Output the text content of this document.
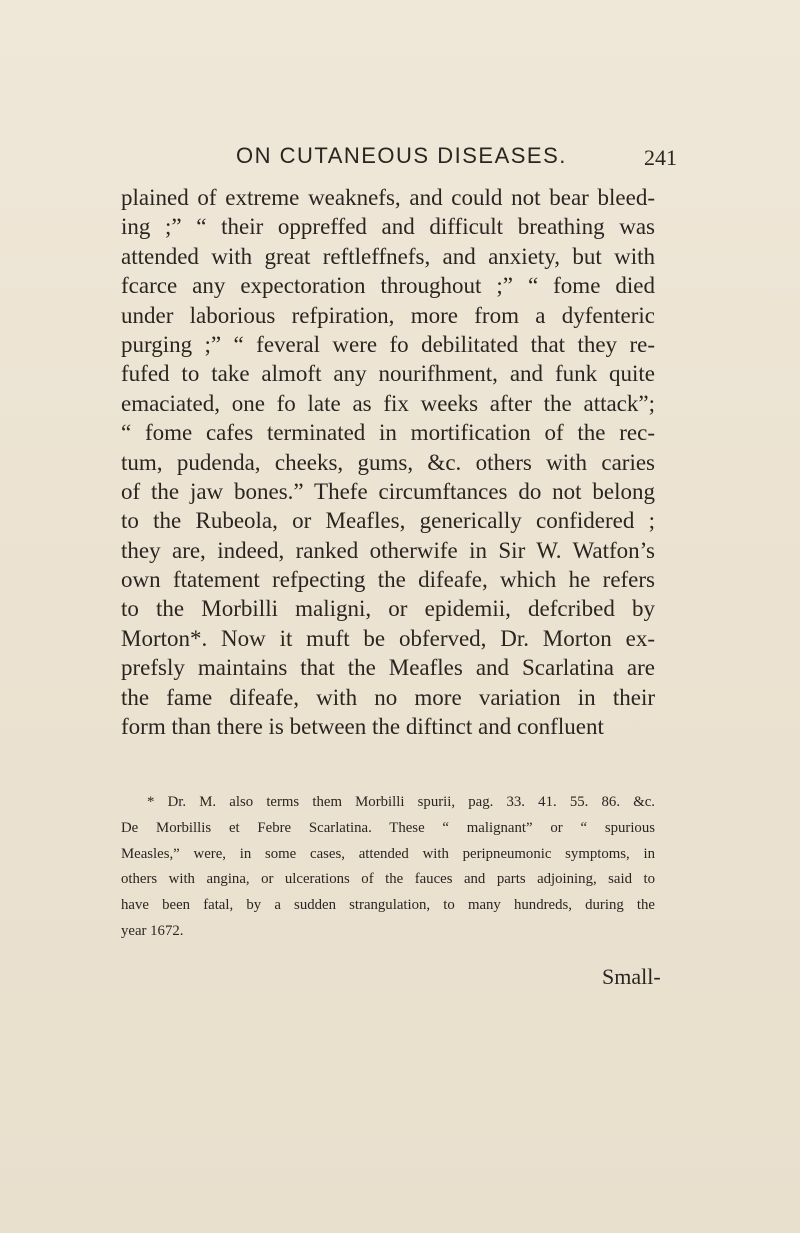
ON CUTANEOUS DISEASES.	241
plained of extreme weaknefs, and could not bear bleed-
ing ;” “ their oppreffed and difficult breathing was
attended with great reftleffnefs, and anxiety, but with
fcarce any expectoration throughout ;” “ fome died
under laborious refpiration, more from a dyfenteric
purging ;” “ feveral were fo debilitated that they re-
fufed to take almoft any nourifhment, and funk quite
emaciated, one fo late as fix weeks after the attack”;
“ fome cafes terminated in mortification of the rec-
tum, pudenda, cheeks, gums, &c. others with caries
of the jaw bones.” Thefe circumftances do not belong
to the Rubeola, or Meafles, generically confidered ;
they are, indeed, ranked otherwife in Sir W. Watfon’s
own ftatement refpecting the difeafe, which he refers
to the Morbilli maligni, or epidemii, defcribed by
Morton*. Now it muft be obferved, Dr. Morton ex-
prefsly maintains that the Meafles and Scarlatina are
the fame difeafe, with no more variation in their
form than there is between the diftinct and confluent
* Dr. M. also terms them Morbilli spurii, pag. 33. 41. 55. 86. &c.
De Morbillis et Febre Scarlatina. These “ malignant” or “ spurious
Measles,” were, in some cases, attended with peripneumonic symptoms, in
others with angina, or ulcerations of the fauces and parts adjoining, said to
have been fatal, by a sudden strangulation, to many hundreds, during the
year 1672.
Small-
